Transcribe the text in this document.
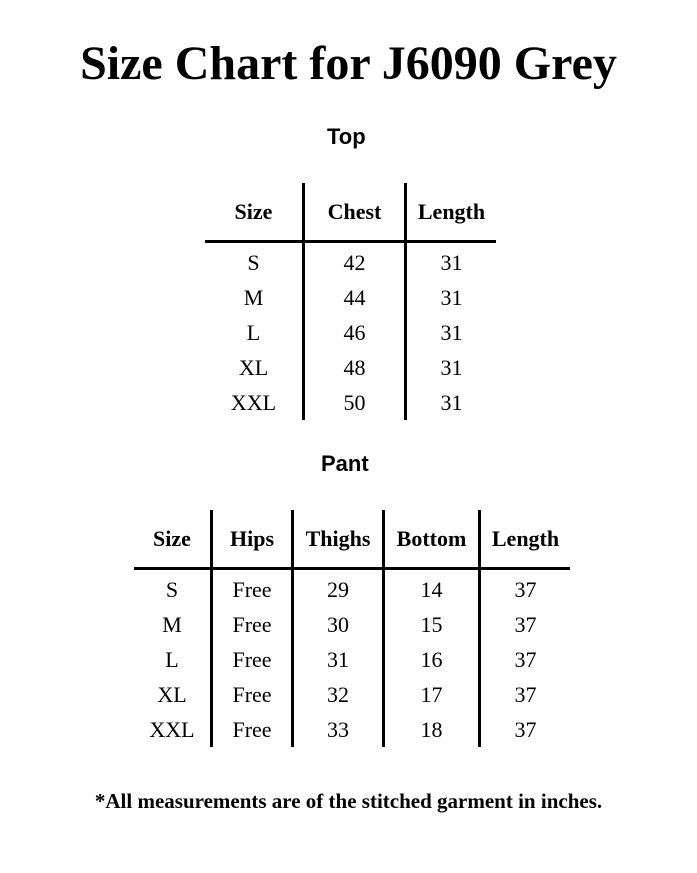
Size Chart for J6090 Grey
Top
Size	Chest	Length
S	42	31
M	44	31
L	46	31
XL	48	31
XXL	50	31
Pant
Size	Hips	Thighs	Bottom	Length
S	Free	29	14	37
M	Free	30	15	37
L	Free	31	16	37
XL	Free	32	17	37
XXL	Free	33	18	37
*All measurements are of the stitched garment in inches.
